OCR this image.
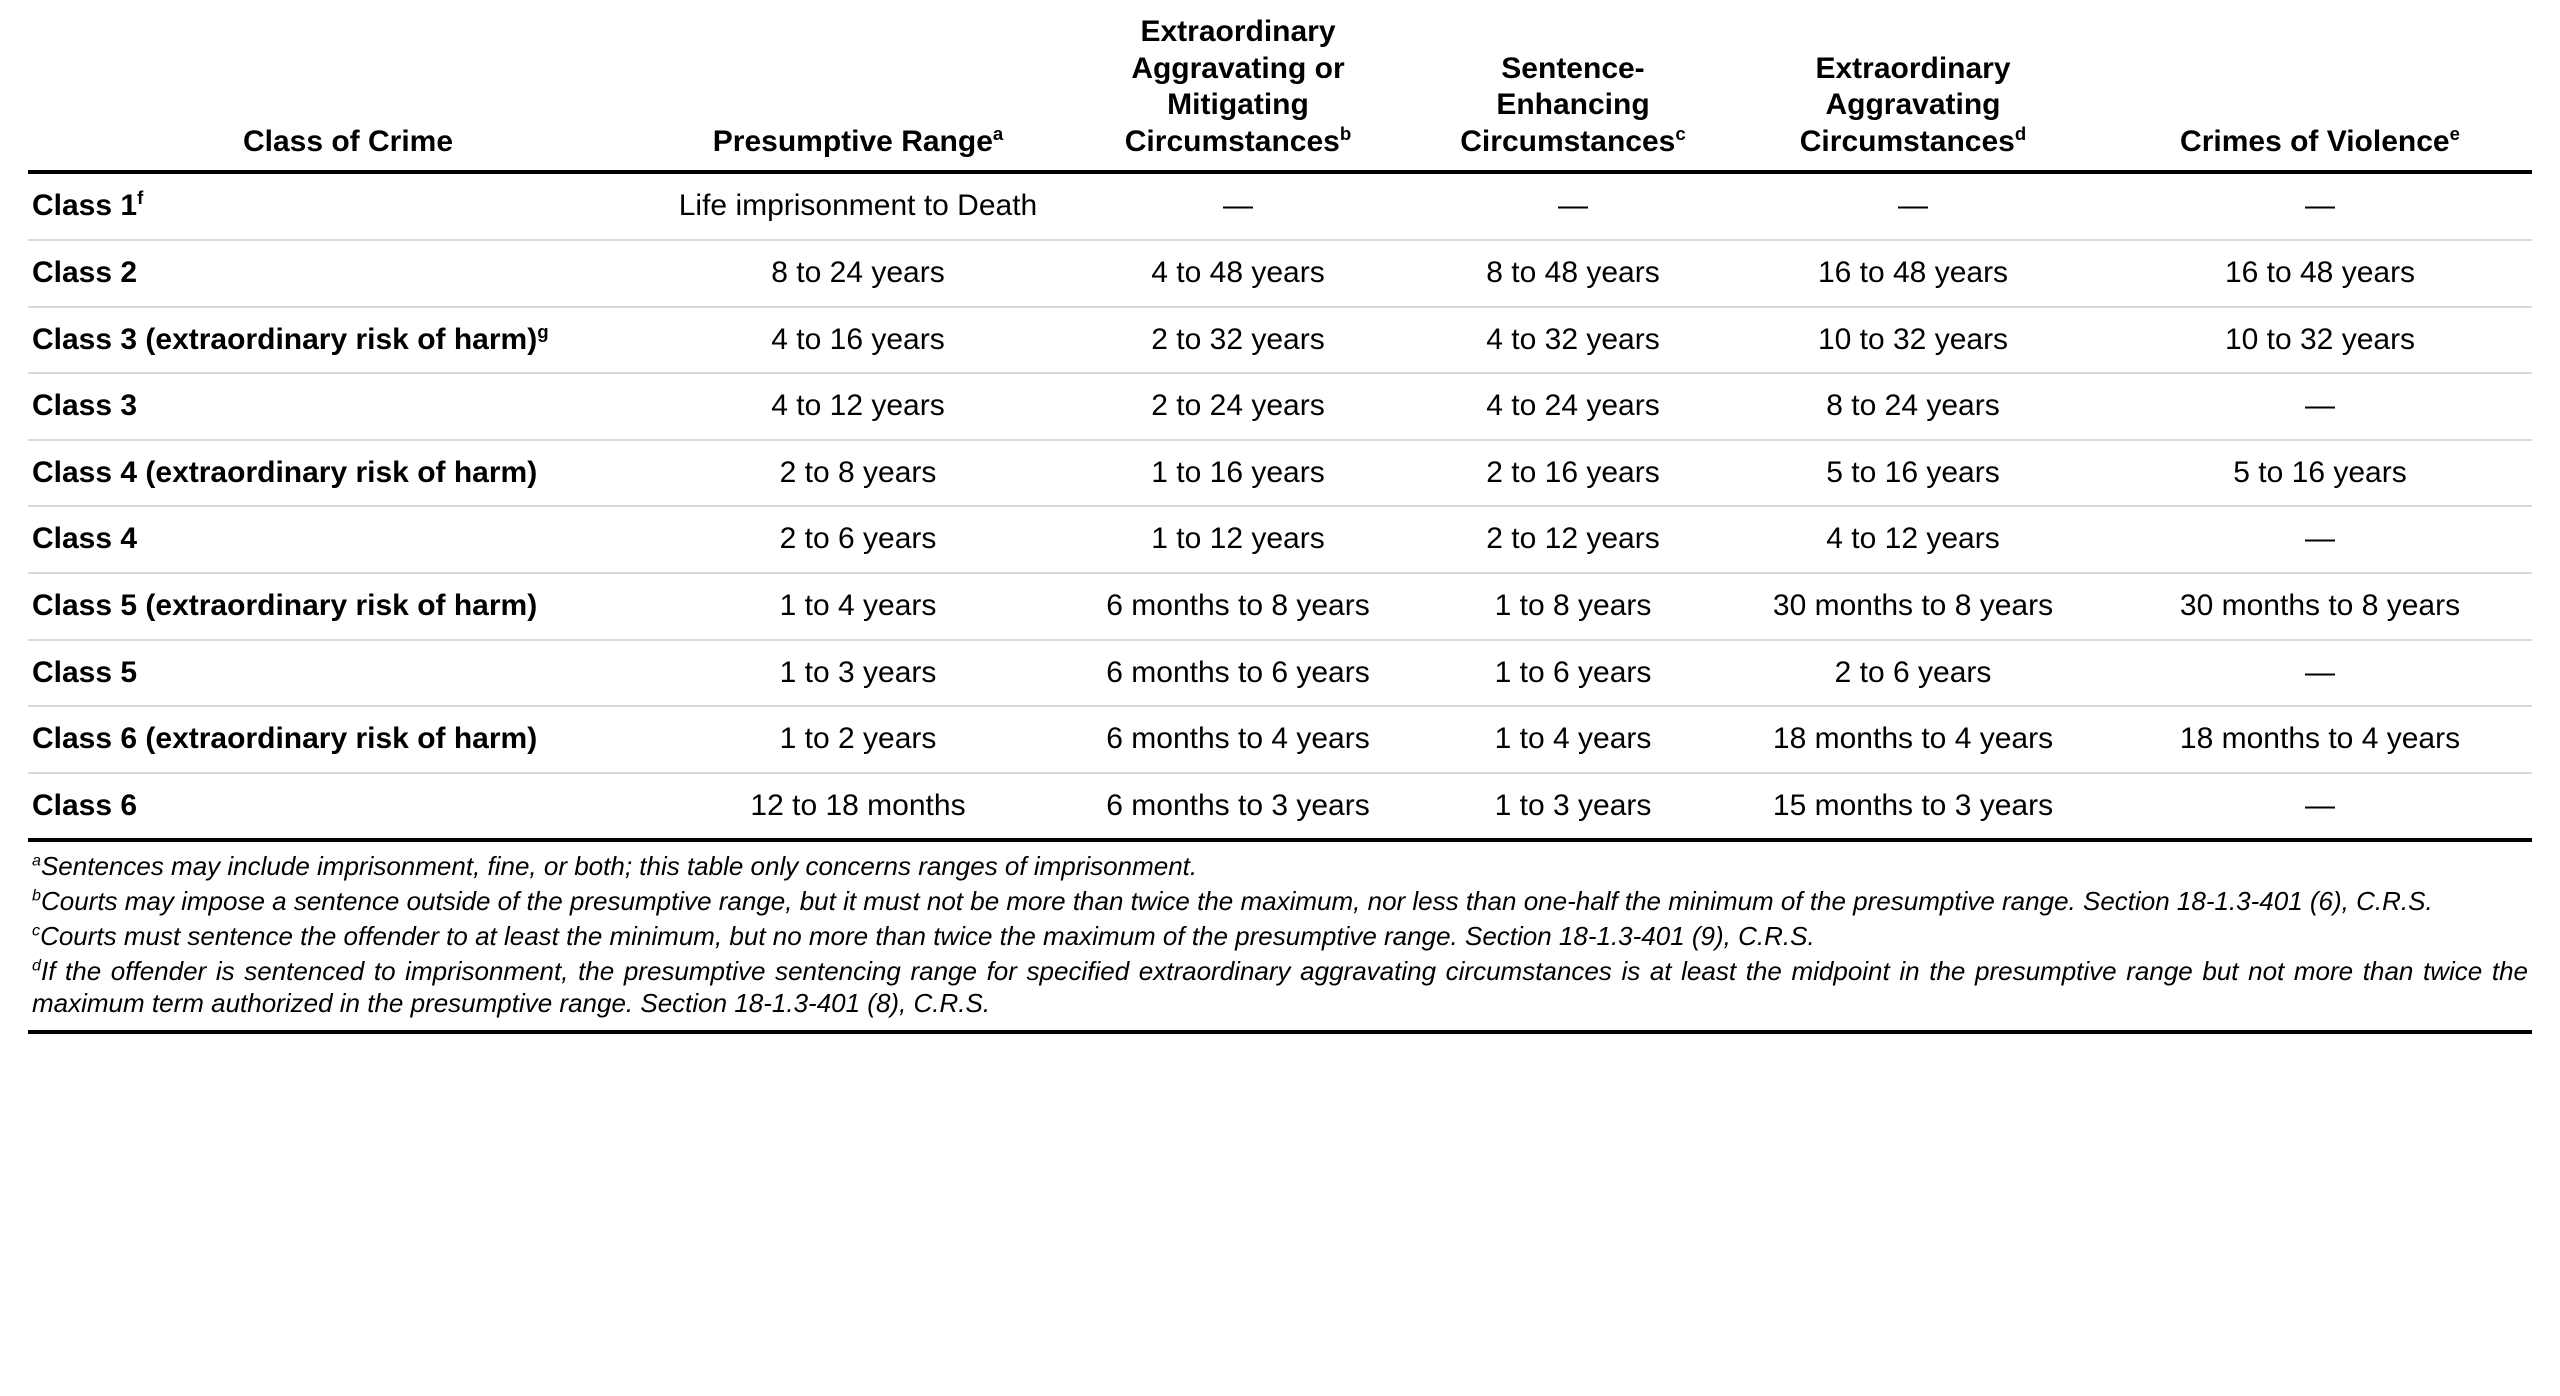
Class of Crime	Presumptive Range$^a$	Extraordinary Aggravating or Mitigating Circumstances$^b$	Sentence-Enhancing Circumstances$^c$	Extraordinary Aggravating Circumstances$^d$	Crimes of Violence$^e$
Class 1$^f$	Life imprisonment to Death	—	—	—	—
Class 2	8 to 24 years	4 to 48 years	8 to 48 years	16 to 48 years	16 to 48 years
Class 3 (extraordinary risk of harm)$^g$	4 to 16 years	2 to 32 years	4 to 32 years	10 to 32 years	10 to 32 years
Class 3	4 to 12 years	2 to 24 years	4 to 24 years	8 to 24 years	—
Class 4 (extraordinary risk of harm)	2 to 8 years	1 to 16 years	2 to 16 years	5 to 16 years	5 to 16 years
Class 4	2 to 6 years	1 to 12 years	2 to 12 years	4 to 12 years	—
Class 5 (extraordinary risk of harm)	1 to 4 years	6 months to 8 years	1 to 8 years	30 months to 8 years	30 months to 8 years
Class 5	1 to 3 years	6 months to 6 years	1 to 6 years	2 to 6 years	—
Class 6 (extraordinary risk of harm)	1 to 2 years	6 months to 4 years	1 to 4 years	18 months to 4 years	18 months to 4 years
Class 6	12 to 18 months	6 months to 3 years	1 to 3 years	15 months to 3 years	—
$^a$Sentences may include imprisonment, fine, or both; this table only concerns ranges of imprisonment.
$^b$Courts may impose a sentence outside of the presumptive range, but it must not be more than twice the maximum, nor less than one-half the minimum of the presumptive range. Section 18-1.3-401 (6), C.R.S.
$^c$Courts must sentence the offender to at least the minimum, but no more than twice the maximum of the presumptive range. Section 18-1.3-401 (9), C.R.S.
$^d$If the offender is sentenced to imprisonment, the presumptive sentencing range for specified extraordinary aggravating circumstances is at least the midpoint in the presumptive range but not more than twice the maximum term authorized in the presumptive range. Section 18-1.3-401 (8), C.R.S.
